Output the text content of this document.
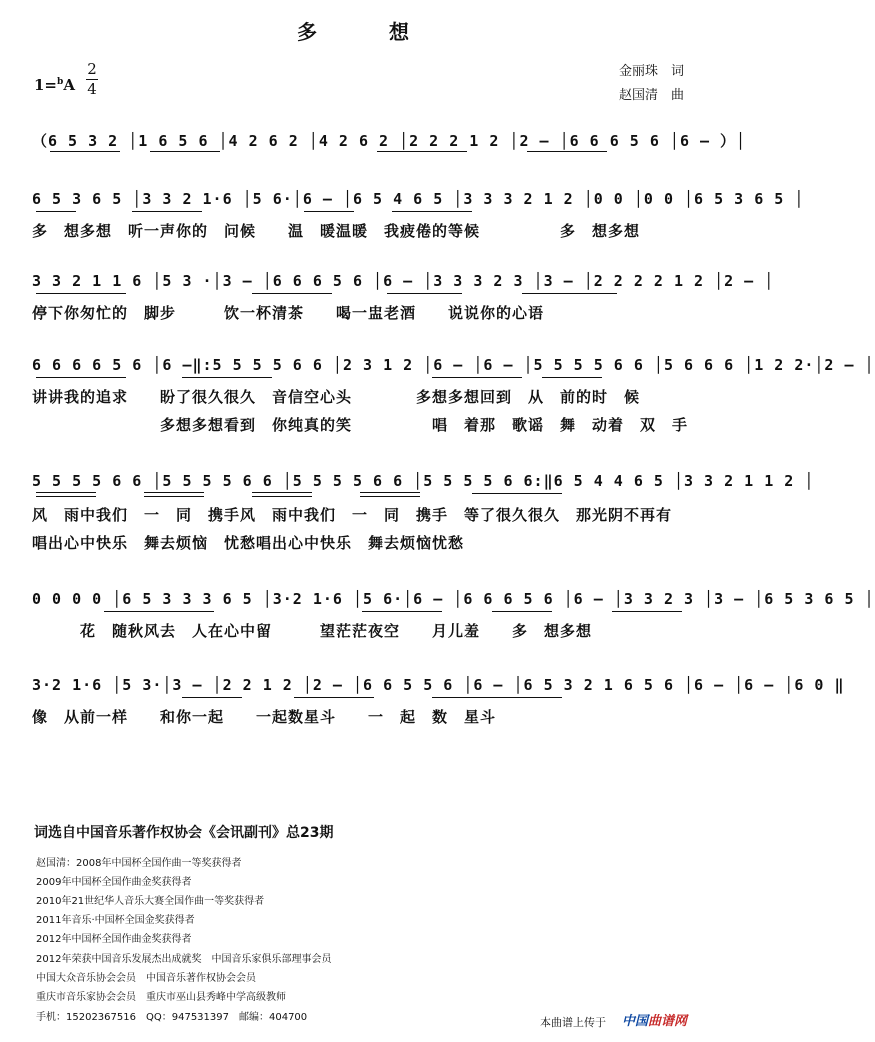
多　想
1=$^b$A
2
4
金丽珠　词
赵国清　曲
（6 5 3 2 │1 6 5 6 │4 2 6 2 │4 2 6 2 │2 2 2 1 2 │2 — │6 6 6 5 6 │6 — ）│
6 5 3 6 5 │3 3 2 1·6 │5 6·│6 — │6 5 4 6 5 │3 3 3 2 1 2 │0 0 │0 0 │6 5 3 6 5 │
多　想多想　听一声你的　问候　　温　暖温暖　我疲倦的等候　　　　　多　想多想
3 3 2 1 1 6 │5 3 ·│3 — │6 6 6 5 6 │6 — │3 3 3 2 3 │3 — │2 2 2 2 1 2 │2 — │
停下你匆忙的　脚步　　　饮一杯清茶　　喝一盅老酒　　说说你的心语
6 6 6 6 5 6 │6 —‖:5 5 5 5 6 6 │2 3 1 2 │6 — │6 — │5 5 5 5 6 6 │5 6 6 6 │1 2 2·│2 — │
讲讲我的追求　　盼了很久很久　音信空心头　　　　多想多想回到　从　前的时　候
　　　　　　　　多想多想看到　你纯真的笑　　　　　唱　着那　歌谣　舞　动着　双　手
5 5 5 5 6 6 │5 5 5 5 6 6 │5 5 5 5 6 6 │5 5 5 5 6 6:‖6 5 4 4 6 5 │3 3 2 1 1 2 │
风　雨中我们　一　同　携手风　雨中我们　一　同　携手　等了很久很久　那光阴不再有
唱出心中快乐　舞去烦恼　忧愁唱出心中快乐　舞去烦恼忧愁
0 0 0 0 │6 5 3 3 3 6 5 │3·2 1·6 │5 6·│6 — │6 6 6 5 6 │6 — │3 3 2 3 │3 — │6 5 3 6 5 │
　　　花　随秋风去　人在心中留　　　望茫茫夜空　　月儿羞　　多　想多想
3·2 1·6 │5 3·│3 — │2 2 1 2 │2 — │6 6 5 5 6 │6 — │6 5 3 2 1 6 5 6 │6 — │6 — │6 0 ‖
像　从前一样　　和你一起　　一起数星斗　　一　起　数　星斗
词选自中国音乐著作权协会《会讯副刊》总23期
赵国清：2008年中国杯全国作曲一等奖获得者
2009年中国杯全国作曲金奖获得者
2010年21世纪华人音乐大赛全国作曲一等奖获得者
2011年音乐·中国杯全国金奖获得者
2012年中国杯全国作曲金奖获得者
2012年荣获中国音乐发展杰出成就奖　中国音乐家俱乐部理事会员
中国大众音乐协会会员　中国音乐著作权协会会员
重庆市音乐家协会会员　重庆市巫山县秀峰中学高级教师
手机：15202367516　QQ：947531397　邮编：404700	本曲谱上传于 中国曲谱网
